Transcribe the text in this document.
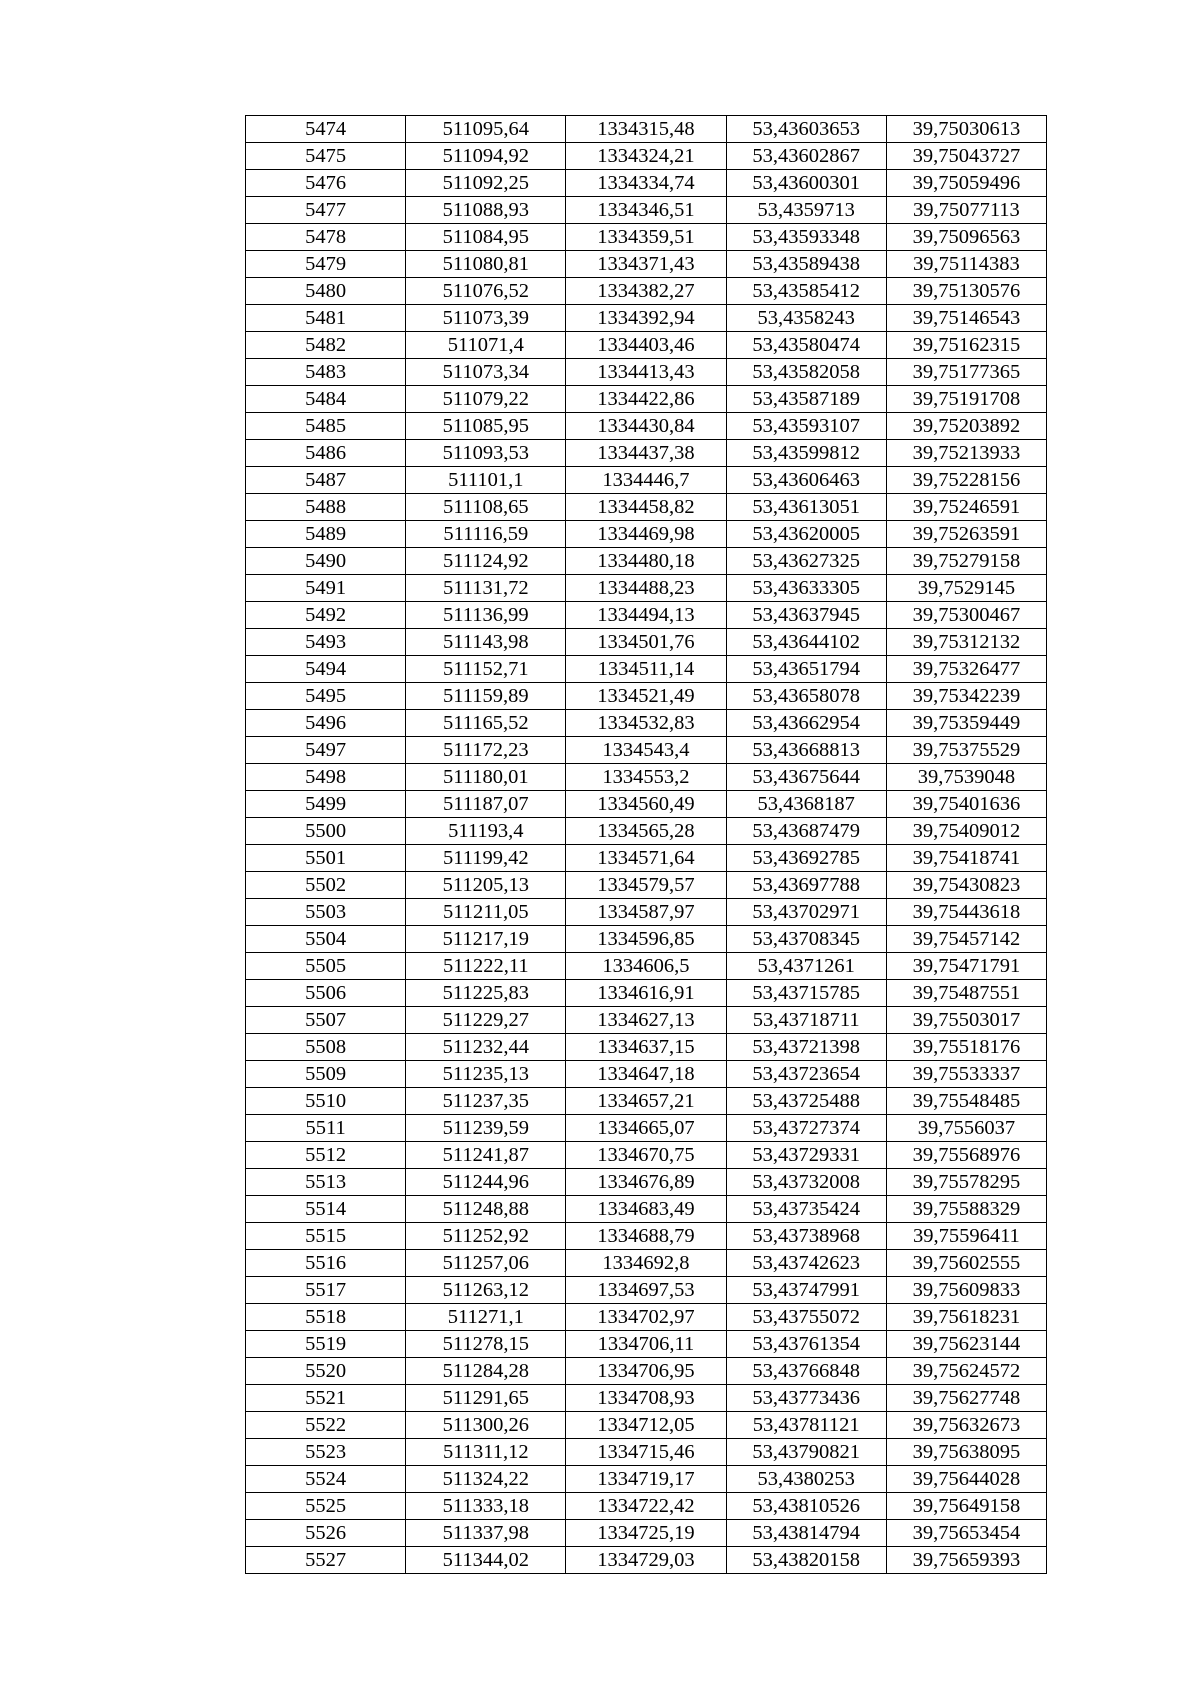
5474	511095,64	1334315,48	53,43603653	39,75030613
5475	511094,92	1334324,21	53,43602867	39,75043727
5476	511092,25	1334334,74	53,43600301	39,75059496
5477	511088,93	1334346,51	53,4359713	39,75077113
5478	511084,95	1334359,51	53,43593348	39,75096563
5479	511080,81	1334371,43	53,43589438	39,75114383
5480	511076,52	1334382,27	53,43585412	39,75130576
5481	511073,39	1334392,94	53,4358243	39,75146543
5482	511071,4	1334403,46	53,43580474	39,75162315
5483	511073,34	1334413,43	53,43582058	39,75177365
5484	511079,22	1334422,86	53,43587189	39,75191708
5485	511085,95	1334430,84	53,43593107	39,75203892
5486	511093,53	1334437,38	53,43599812	39,75213933
5487	511101,1	1334446,7	53,43606463	39,75228156
5488	511108,65	1334458,82	53,43613051	39,75246591
5489	511116,59	1334469,98	53,43620005	39,75263591
5490	511124,92	1334480,18	53,43627325	39,75279158
5491	511131,72	1334488,23	53,43633305	39,7529145
5492	511136,99	1334494,13	53,43637945	39,75300467
5493	511143,98	1334501,76	53,43644102	39,75312132
5494	511152,71	1334511,14	53,43651794	39,75326477
5495	511159,89	1334521,49	53,43658078	39,75342239
5496	511165,52	1334532,83	53,43662954	39,75359449
5497	511172,23	1334543,4	53,43668813	39,75375529
5498	511180,01	1334553,2	53,43675644	39,7539048
5499	511187,07	1334560,49	53,4368187	39,75401636
5500	511193,4	1334565,28	53,43687479	39,75409012
5501	511199,42	1334571,64	53,43692785	39,75418741
5502	511205,13	1334579,57	53,43697788	39,75430823
5503	511211,05	1334587,97	53,43702971	39,75443618
5504	511217,19	1334596,85	53,43708345	39,75457142
5505	511222,11	1334606,5	53,4371261	39,75471791
5506	511225,83	1334616,91	53,43715785	39,75487551
5507	511229,27	1334627,13	53,43718711	39,75503017
5508	511232,44	1334637,15	53,43721398	39,75518176
5509	511235,13	1334647,18	53,43723654	39,75533337
5510	511237,35	1334657,21	53,43725488	39,75548485
5511	511239,59	1334665,07	53,43727374	39,7556037
5512	511241,87	1334670,75	53,43729331	39,75568976
5513	511244,96	1334676,89	53,43732008	39,75578295
5514	511248,88	1334683,49	53,43735424	39,75588329
5515	511252,92	1334688,79	53,43738968	39,75596411
5516	511257,06	1334692,8	53,43742623	39,75602555
5517	511263,12	1334697,53	53,43747991	39,75609833
5518	511271,1	1334702,97	53,43755072	39,75618231
5519	511278,15	1334706,11	53,43761354	39,75623144
5520	511284,28	1334706,95	53,43766848	39,75624572
5521	511291,65	1334708,93	53,43773436	39,75627748
5522	511300,26	1334712,05	53,43781121	39,75632673
5523	511311,12	1334715,46	53,43790821	39,75638095
5524	511324,22	1334719,17	53,4380253	39,75644028
5525	511333,18	1334722,42	53,43810526	39,75649158
5526	511337,98	1334725,19	53,43814794	39,75653454
5527	511344,02	1334729,03	53,43820158	39,75659393
